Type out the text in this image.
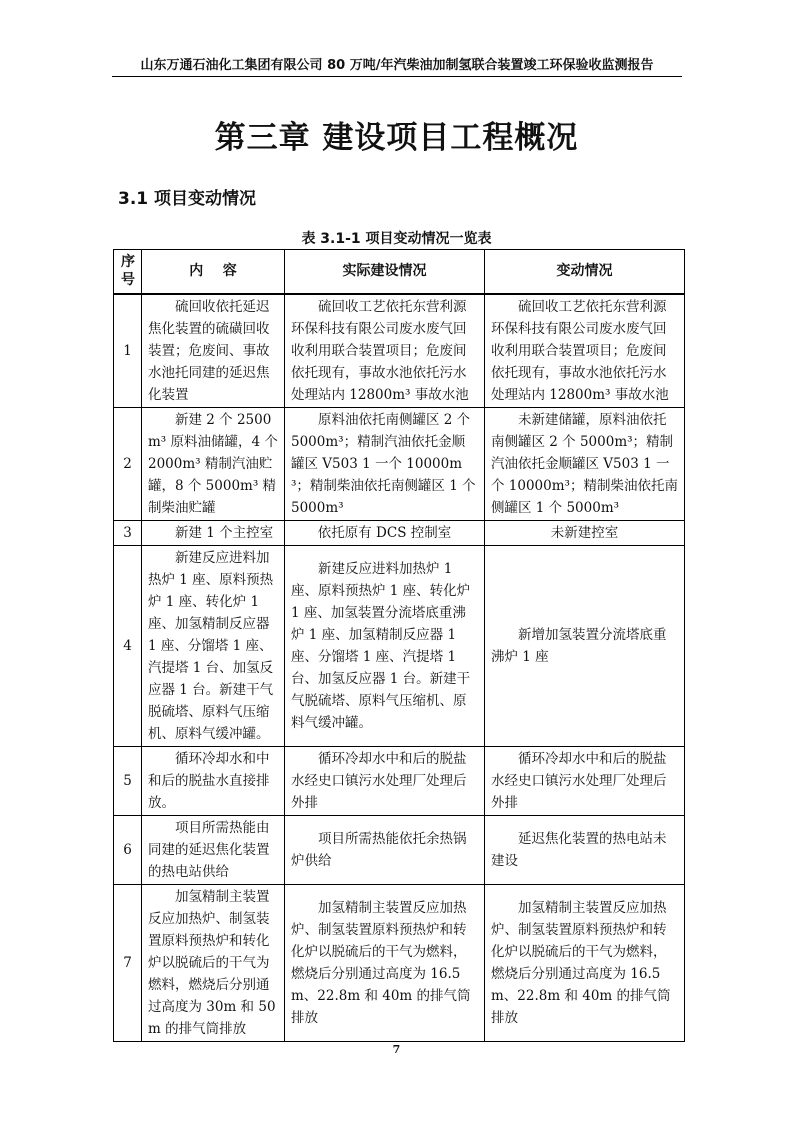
山东万通石油化工集团有限公司 80 万吨/年汽柴油加制氢联合装置竣工环保验收监测报告
第三章 建设项目工程概况
3.1 项目变动情况
表 3.1-1 项目变动情况一览表
序号	内    容	实际建设情况	变动情况
1	硫回收依托延迟焦化装置的硫磺回收装置；危废间、事故水池托同建的延迟焦化装置	硫回收工艺依托东营利源环保科技有限公司废水废气回收利用联合装置项目；危废间依托现有，事故水池依托污水处理站内 12800m³ 事故水池	硫回收工艺依托东营利源环保科技有限公司废水废气回收利用联合装置项目；危废间依托现有，事故水池依托污水处理站内 12800m³ 事故水池
2	新建 2 个 2500m³ 原料油储罐，4 个 2000m³ 精制汽油贮罐，8 个 5000m³ 精制柴油贮罐	原料油依托南侧罐区 2 个 5000m³；精制汽油依托金顺罐区 V503 1 一个 10000m³；精制柴油依托南侧罐区 1 个 5000m³	未新建储罐，原料油依托南侧罐区 2 个 5000m³；精制汽油依托金顺罐区 V503 1 一个 10000m³；精制柴油依托南侧罐区 1 个 5000m³
3	新建 1 个主控室	依托原有 DCS 控制室	未新建控室
4	新建反应进料加热炉 1 座、原料预热炉 1 座、转化炉 1 座、加氢精制反应器 1 座、分馏塔 1 座、汽提塔 1 台、加氢反应器 1 台。新建干气脱硫塔、原料气压缩机、原料气缓冲罐。	新建反应进料加热炉 1 座、原料预热炉 1 座、转化炉 1 座、加氢装置分流塔底重沸炉 1 座、加氢精制反应器 1 座、分馏塔 1 座、汽提塔 1 台、加氢反应器 1 台。新建干气脱硫塔、原料气压缩机、原料气缓冲罐。	新增加氢装置分流塔底重沸炉 1 座
5	循环冷却水和中和后的脱盐水直接排放。	循环冷却水中和后的脱盐水经史口镇污水处理厂处理后外排	循环冷却水中和后的脱盐水经史口镇污水处理厂处理后外排
6	项目所需热能由同建的延迟焦化装置的热电站供给	项目所需热能依托余热锅炉供给	延迟焦化装置的热电站未建设
7	加氢精制主装置反应加热炉、制氢装置原料预热炉和转化炉以脱硫后的干气为燃料，燃烧后分别通过高度为 30m 和 50m 的排气筒排放	加氢精制主装置反应加热炉、制氢装置原料预热炉和转化炉以脱硫后的干气为燃料，燃烧后分别通过高度为 16.5m、22.8m 和 40m 的排气筒排放	加氢精制主装置反应加热炉、制氢装置原料预热炉和转化炉以脱硫后的干气为燃料，燃烧后分别通过高度为 16.5m、22.8m 和 40m 的排气筒排放
7
